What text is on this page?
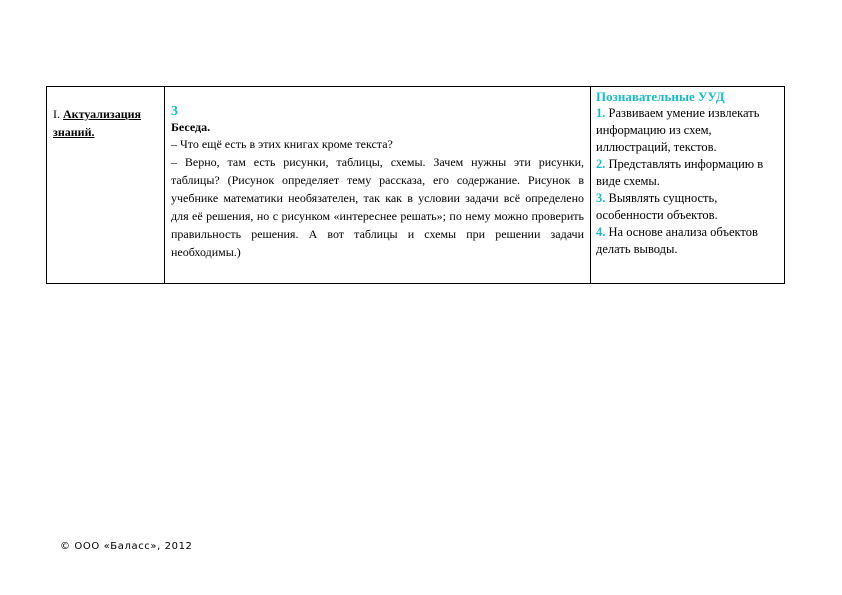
I. Актуализация знаний.
3
Беседа.

– Что ещё есть в этих книгах кроме текста?

– Верно, там есть рисунки, таблицы, схемы. Зачем нужны эти рисунки, таблицы? (Рисунок определяет тему рассказа, его содержание. Рисунок в учебнике математики необязателен, так как в условии задачи всё определено для её решения, но с рисунком «интереснее решать»; по нему можно проверить правильность решения. А вот таблицы и схемы при решении задачи необходимы.)

Познавательные УУД

1. Развиваем умение извлекать информацию из схем, иллюстраций, текстов.

2. Представлять информацию в виде схемы.

3. Выявлять сущность, особенности объектов.

4. На основе анализа объектов делать выводы.

© ООО «Баласс», 2012
